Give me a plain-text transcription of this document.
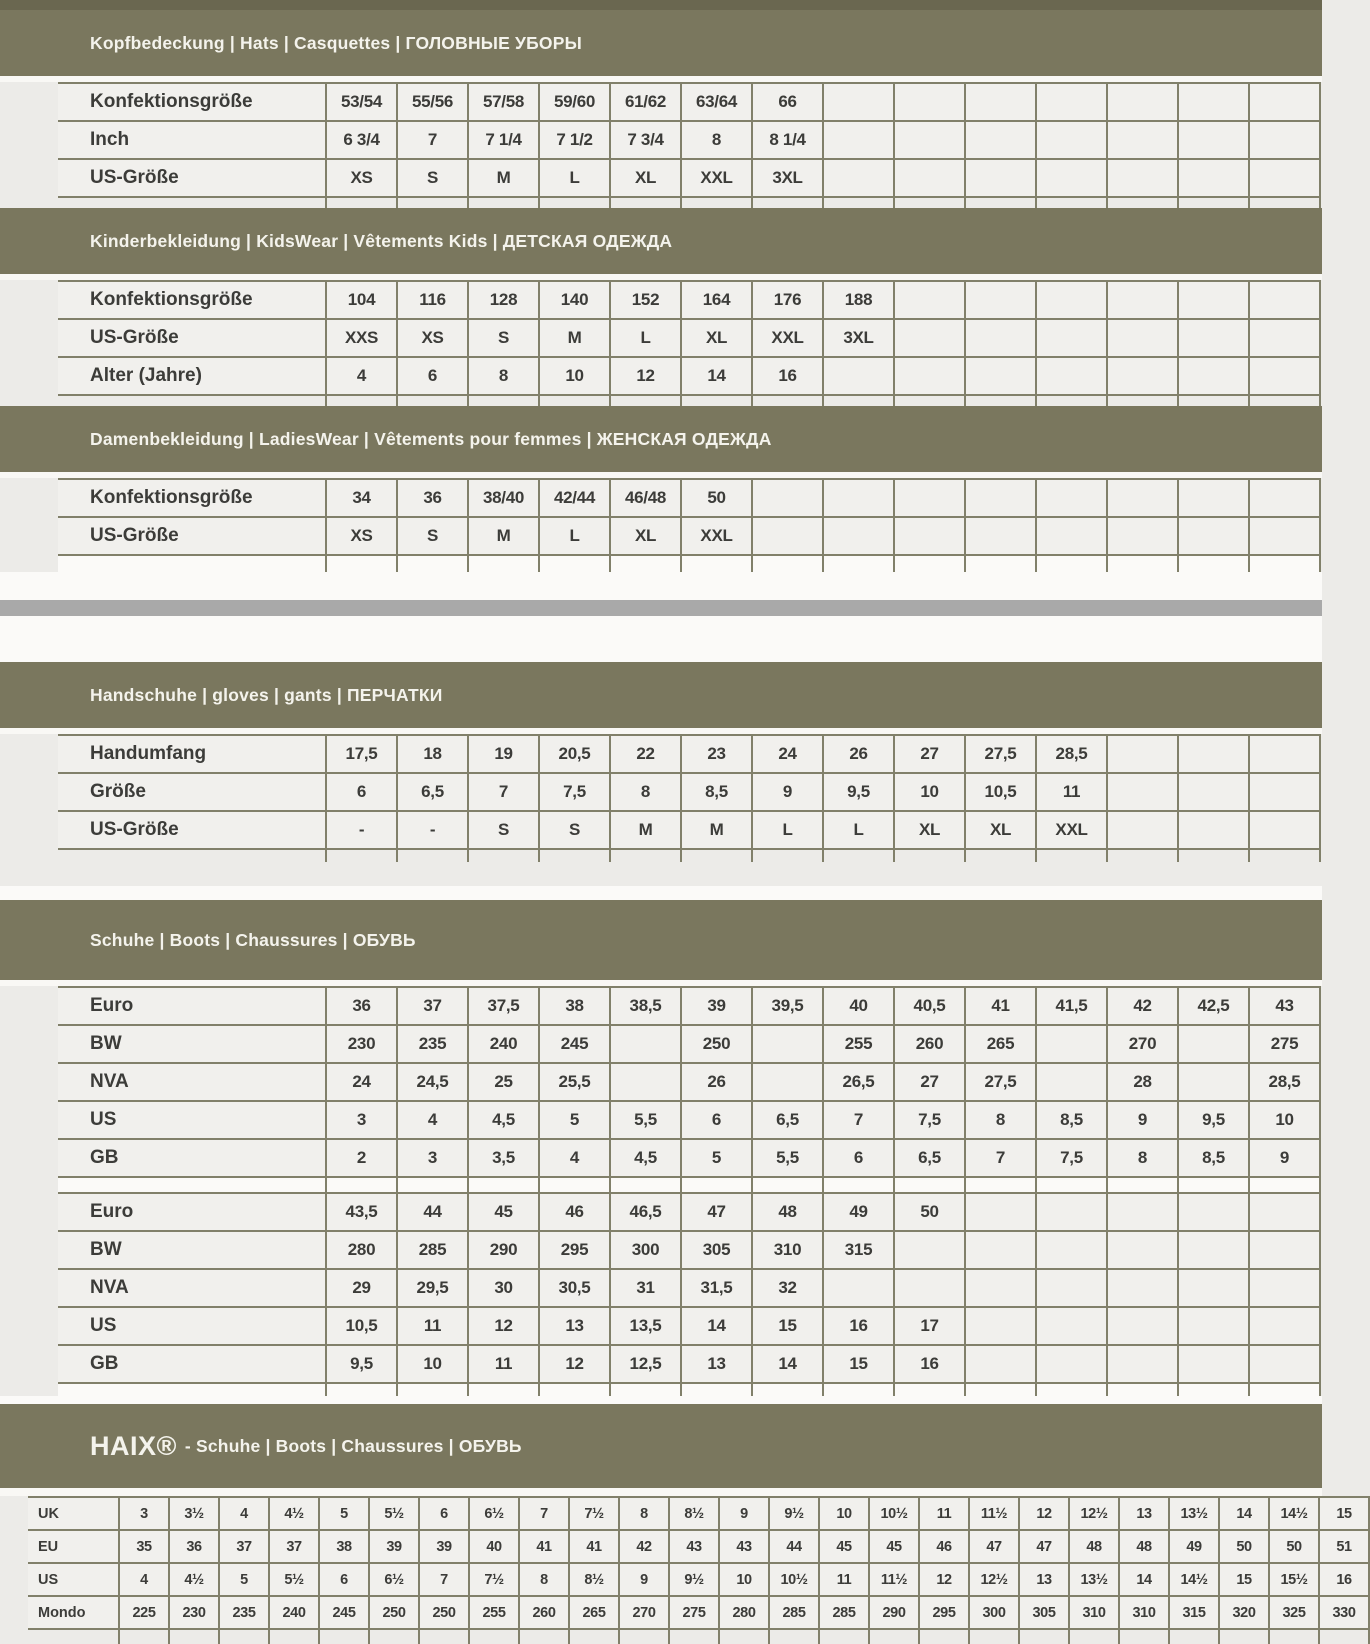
Kopfbedeckung | Hats | Casquettes | ГОЛОВНЫЕ УБОРЫ
Konfektionsgröße	53/54	55/56	57/58	59/60	61/62	63/64	66							
Inch	6 3/4	7	7 1/4	7 1/2	7 3/4	8	8 1/4							
US-Größe	XS	S	M	L	XL	XXL	3XL							

Kinderbekleidung | KidsWear | Vêtements Kids | ДЕТСКАЯ ОДЕЖДА
Konfektionsgröße	104	116	128	140	152	164	176	188						
US-Größe	XXS	XS	S	M	L	XL	XXL	3XL						
Alter (Jahre)	4	6	8	10	12	14	16							

Damenbekleidung | LadiesWear | Vêtements pour femmes | ЖЕНСКАЯ ОДЕЖДА
Konfektionsgröße	34	36	38/40	42/44	46/48	50								
US-Größe	XS	S	M	L	XL	XXL								

Handschuhe | gloves | gants | ПЕРЧАТКИ
Handumfang	17,5	18	19	20,5	22	23	24	26	27	27,5	28,5			
Größe	6	6,5	7	7,5	8	8,5	9	9,5	10	10,5	11			
US-Größe	-	-	S	S	M	M	L	L	XL	XL	XXL			

Schuhe | Boots | Chaussures | ОБУВЬ
Euro	36	37	37,5	38	38,5	39	39,5	40	40,5	41	41,5	42	42,5	43
BW	230	235	240	245		250		255	260	265		270		275
NVA	24	24,5	25	25,5		26		26,5	27	27,5		28		28,5
US	3	4	4,5	5	5,5	6	6,5	7	7,5	8	8,5	9	9,5	10
GB	2	3	3,5	4	4,5	5	5,5	6	6,5	7	7,5	8	8,5	9

Euro	43,5	44	45	46	46,5	47	48	49	50					
BW	280	285	290	295	300	305	310	315						
NVA	29	29,5	30	30,5	31	31,5	32							
US	10,5	11	12	13	13,5	14	15	16	17					
GB	9,5	10	11	12	12,5	13	14	15	16					

HAIX® - Schuhe | Boots | Chaussures | ОБУВЬ
UK	3	3½	4	4½	5	5½	6	6½	7	7½	8	8½	9	9½	10	10½	11	11½	12	12½	13	13½	14	14½	15
EU	35	36	37	37	38	39	39	40	41	41	42	43	43	44	45	45	46	47	47	48	48	49	50	50	51
US	4	4½	5	5½	6	6½	7	7½	8	8½	9	9½	10	10½	11	11½	12	12½	13	13½	14	14½	15	15½	16
Mondo	225	230	235	240	245	250	250	255	260	265	270	275	280	285	285	290	295	300	305	310	310	315	320	325	330
